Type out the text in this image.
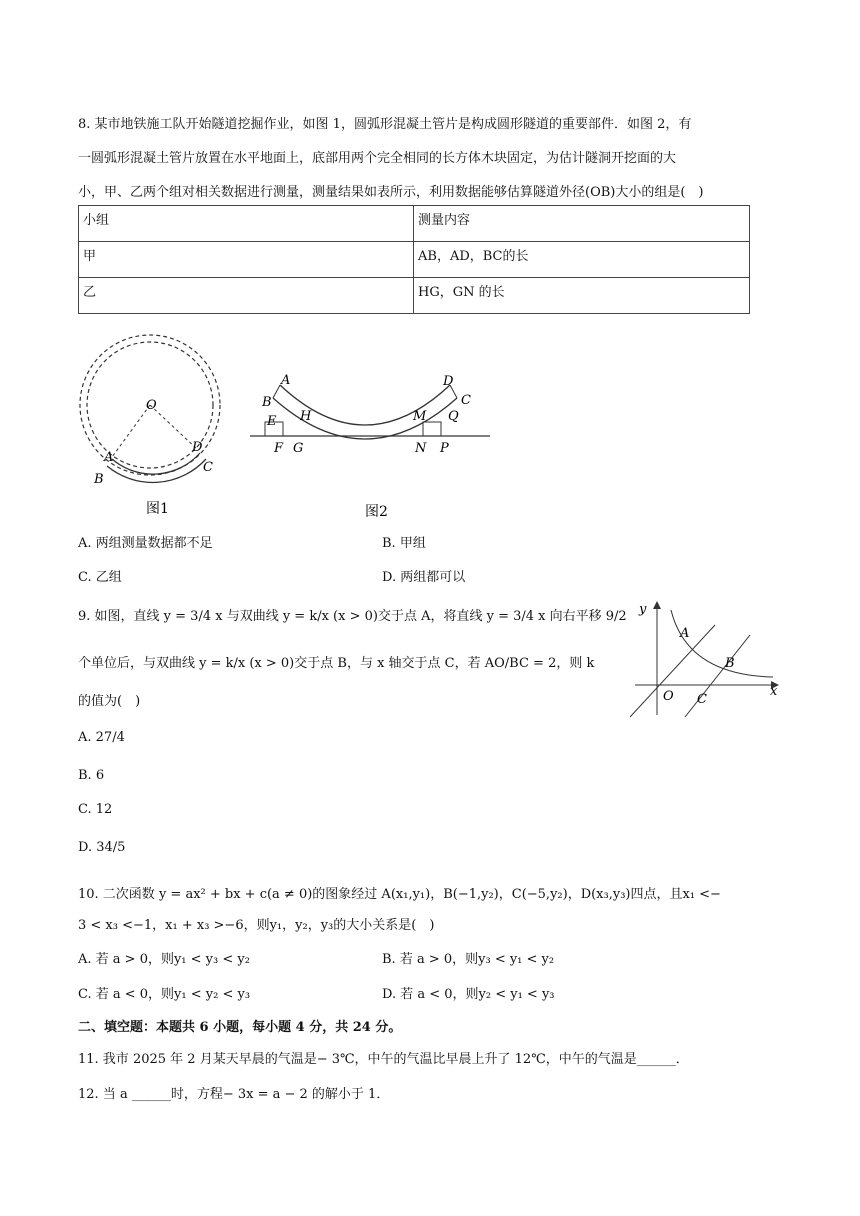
8. 某市地铁施工队开始隧道挖掘作业，如图 1，圆弧形混凝土管片是构成圆形隧道的重要部件．如图 2，有
一圆弧形混凝土管片放置在水平地面上，底部用两个完全相同的长方体木块固定，为估计隧洞开挖面的大
小，甲、乙两个组对相关数据进行测量，测量结果如表所示，利用数据能够估算隧道外径(OB)大小的组是(　)
小组	测量内容
甲	AB，AD，BC的长
乙	HG，GN 的长
O
A
B
D
C
图1
A
B
E
F
H
G
D
C
M Q
N P
图2
A. 两组测量数据都不足	B. 甲组
C. 乙组	D. 两组都可以
9. 如图，直线 y = 3/4 x 与双曲线 y = k/x (x > 0)交于点 A，将直线 y = 3/4 x 向右平移 9/2
个单位后，与双曲线 y = k/x (x > 0)交于点 B，与 x 轴交于点 C，若 AO/BC = 2，则 k
的值为(　)
y
A
B
O C
x
A. 27/4
B. 6
C. 12
D. 34/5
10. 二次函数 y = ax² + bx + c(a ≠ 0)的图象经过 A(x₁,y₁)，B(−1,y₂)，C(−5,y₂)，D(x₃,y₃)四点，且x₁ <−
3 < x₃ <−1，x₁ + x₃ >−6，则y₁，y₂，y₃的大小关系是(　)
A. 若 a > 0，则y₁ < y₃ < y₂	B. 若 a > 0，则y₃ < y₁ < y₂
C. 若 a < 0，则y₁ < y₂ < y₃	D. 若 a < 0，则y₂ < y₁ < y₃
二、填空题：本题共 6 小题，每小题 4 分，共 24 分。
11. 我市 2025 年 2 月某天早晨的气温是− 3℃，中午的气温比早晨上升了 12℃，中午的气温是______．
12. 当 a ______时，方程− 3x = a − 2 的解小于 1．
